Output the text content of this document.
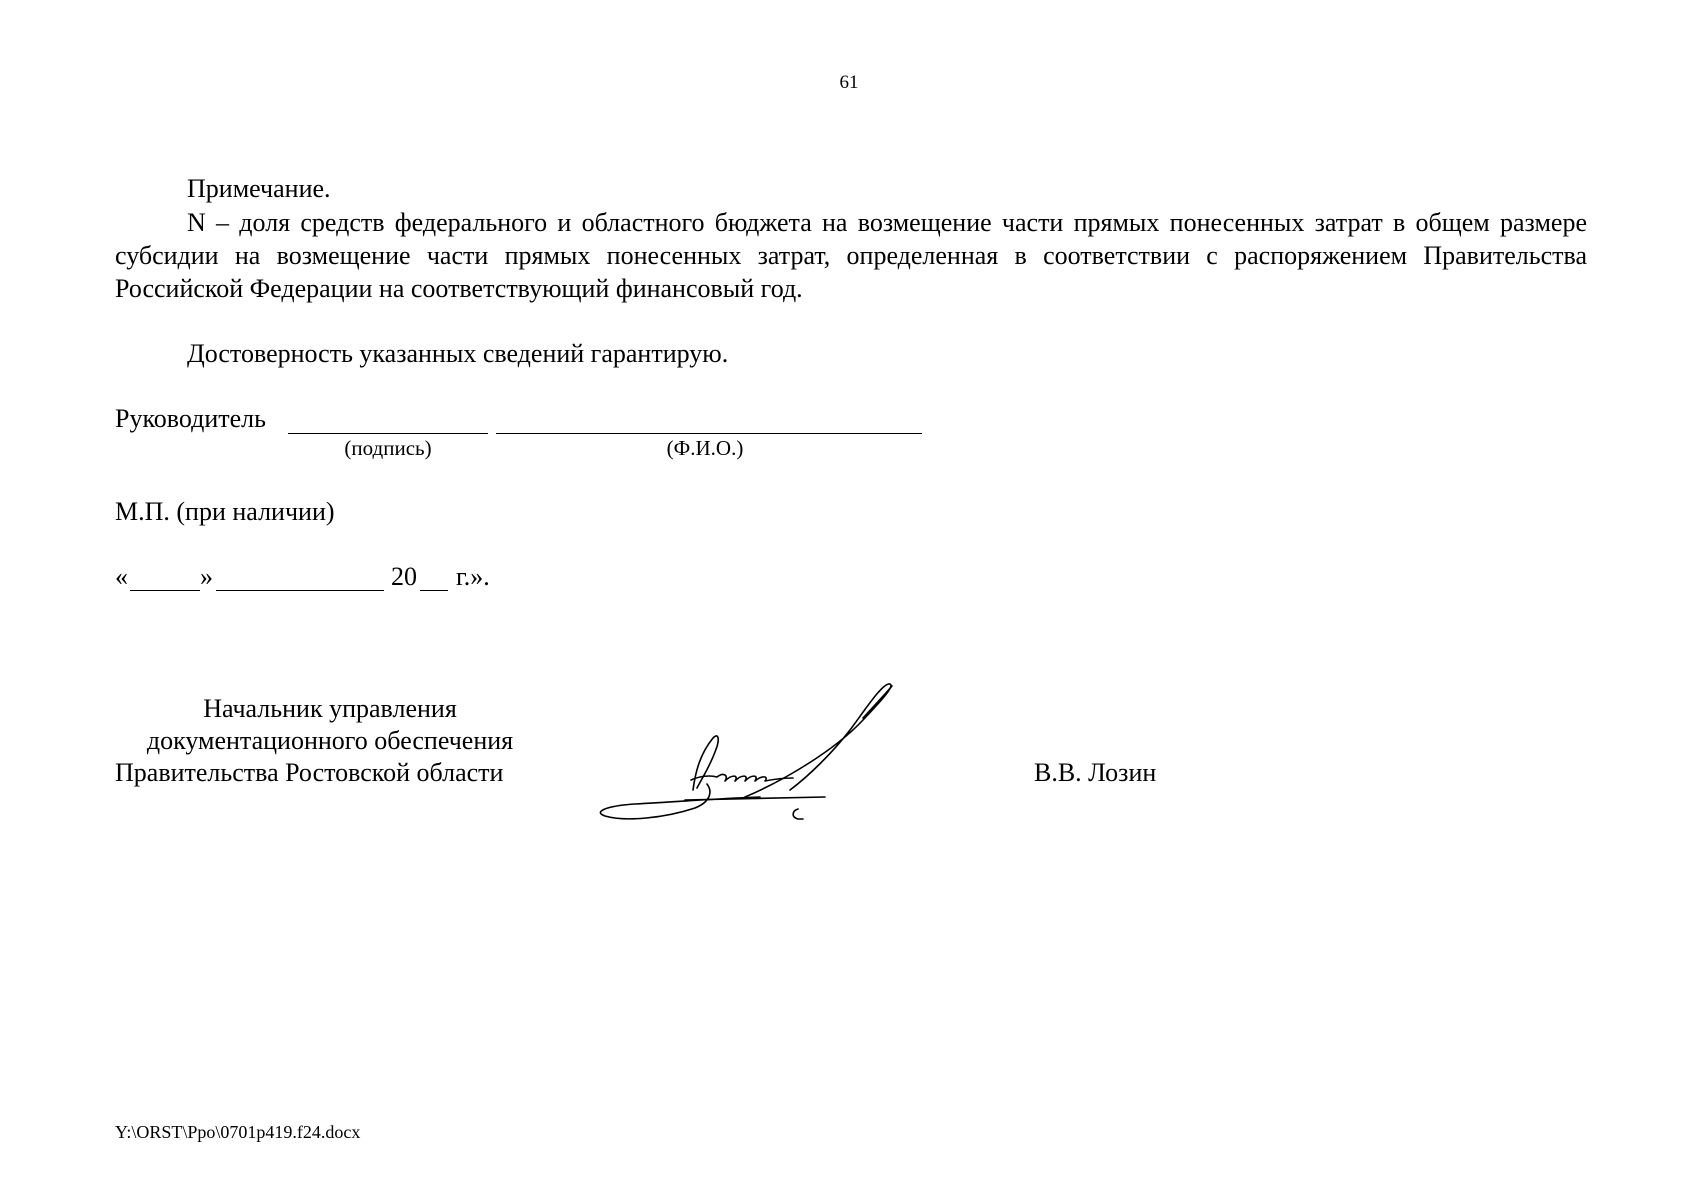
61
Примечание.
N – доля средств федерального и областного бюджета на возмещение части прямых понесенных затрат в общем размере субсидии на возмещение части прямых понесенных затрат, определенная в соответствии с распоряжением Правительства Российской Федерации на соответствующий финансовый год.
Достоверность указанных сведений гарантирую.
Руководитель
(подпись)	(Ф.И.О.)
М.П. (при наличии)
«	»	20 г.».
Начальник управления
документационного обеспечения
Правительства Ростовской области	В.В. Лозин
Y:\ORST\Ppo\0701p419.f24.docx
